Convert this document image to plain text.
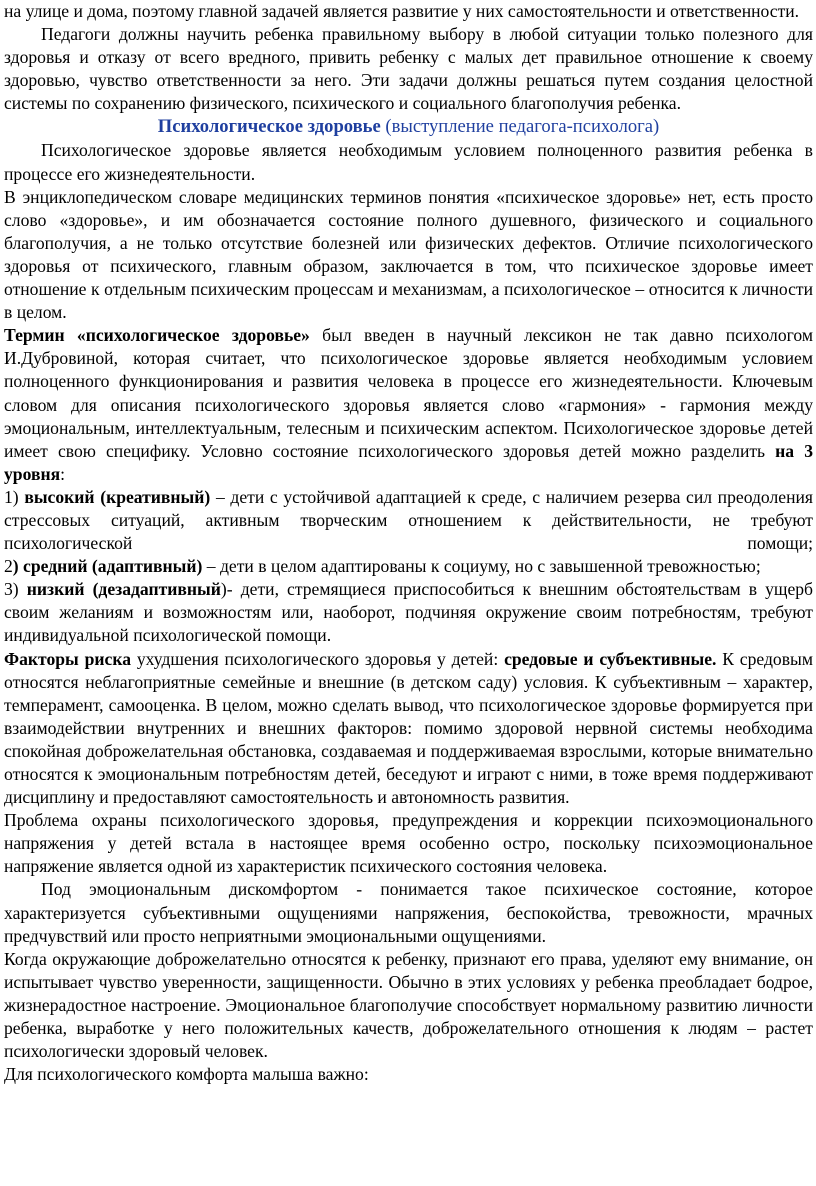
на улице и дома, поэтому главной задачей является развитие у них самостоятельности и ответственности.

Педагоги должны научить ребенка правильному выбору в любой ситуации только полезного для здоровья и отказу от всего вредного, привить ребенку с малых дет правильное отношение к своему здоровью, чувство ответственности за него. Эти задачи должны решаться путем создания целостной системы по сохранению физического, психического и социального благополучия ребенка.

Психологическое здоровье (выступление педагога-психолога)

Психологическое здоровье является необходимым условием полноценного развития ребенка в процессе его жизнедеятельности.

В энциклопедическом словаре медицинских терминов понятия «психическое здоровье» нет, есть просто слово «здоровье», и им обозначается состояние полного душевного, физического и социального благополучия, а не только отсутствие болезней или физических дефектов. Отличие психологического здоровья от психического, главным образом, заключается в том, что психическое здоровье имеет отношение к отдельным психическим процессам и механизмам, а психологическое – относится к личности в целом.

Термин «психологическое здоровье» был введен в научный лексикон не так давно психологом И.Дубровиной, которая считает, что психологическое здоровье является необходимым условием полноценного функционирования и развития человека в процессе его жизнедеятельности. Ключевым словом для описания психологического здоровья является слово «гармония» - гармония между эмоциональным, интеллектуальным, телесным и психическим аспектом. Психологическое здоровье детей имеет свою специфику. Условно состояние психологического здоровья детей можно разделить на 3 уровня:

1) высокий (креативный) – дети с устойчивой адаптацией к среде, с наличием резерва сил преодоления стрессовых ситуаций, активным творческим отношением к действительности, не требуют психологической помощи;

2) средний (адаптивный) – дети в целом адаптированы к социуму, но с завышенной тревожностью;

3) низкий (дезадаптивный)- дети, стремящиеся приспособиться к внешним обстоятельствам в ущерб своим желаниям и возможностям или, наоборот, подчиняя окружение своим потребностям, требуют индивидуальной психологической помощи.

Факторы риска ухудшения психологического здоровья у детей: средовые и субъективные. К средовым относятся неблагоприятные семейные и внешние (в детском саду) условия. К субъективным – характер, темперамент, самооценка. В целом, можно сделать вывод, что психологическое здоровье формируется при взаимодействии внутренних и внешних факторов: помимо здоровой нервной системы необходима спокойная доброжелательная обстановка, создаваемая и поддерживаемая взрослыми, которые внимательно относятся к эмоциональным потребностям детей, беседуют и играют с ними, в тоже время поддерживают дисциплину и предоставляют самостоятельность и автономность развития.

Проблема охраны психологического здоровья, предупреждения и коррекции психоэмоционального напряжения у детей встала в настоящее время особенно остро, поскольку психоэмоциональное напряжение является одной из характеристик психического состояния человека.

Под эмоциональным дискомфортом - понимается такое психическое состояние, которое характеризуется субъективными ощущениями напряжения, беспокойства, тревожности, мрачных предчувствий или просто неприятными эмоциональными ощущениями.

Когда окружающие доброжелательно относятся к ребенку, признают его права, уделяют ему внимание, он испытывает чувство уверенности, защищенности. Обычно в этих условиях у ребенка преобладает бодрое, жизнерадостное настроение. Эмоциональное благополучие способствует нормальному развитию личности ребенка, выработке у него положительных качеств, доброжелательного отношения к людям – растет психологически здоровый человек.

Для психологического комфорта малыша важно:
